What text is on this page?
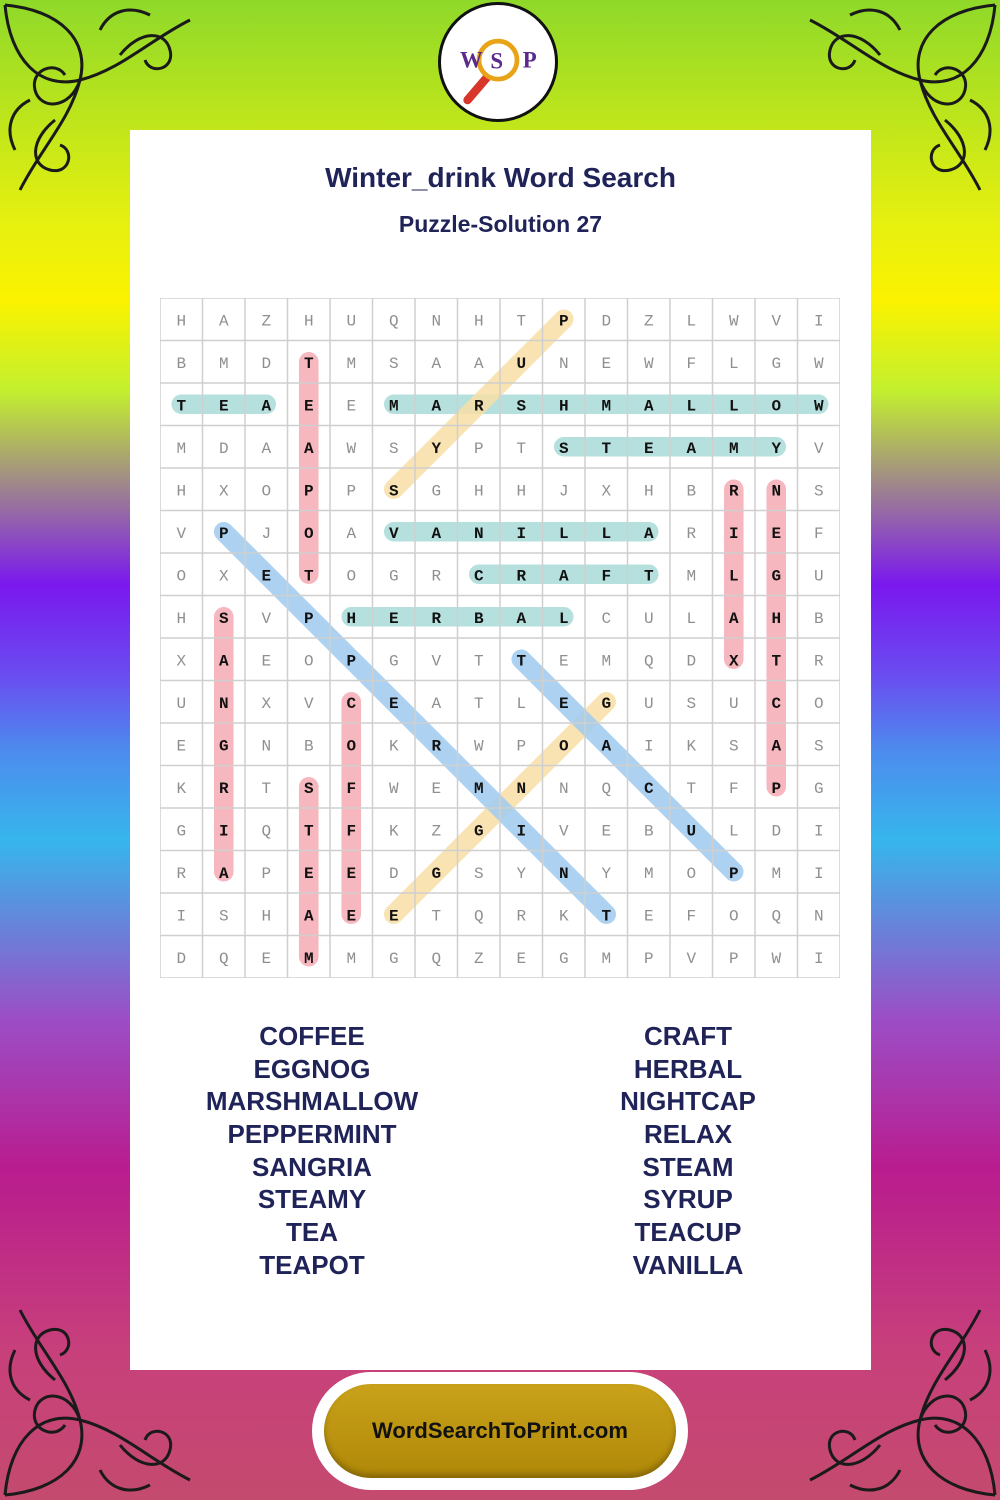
W S P
Winter_drink Word Search
Puzzle-Solution 27
H A Z H U Q N H T P D Z L W V I
B M D T M S A A U N E W F L G W
T E A E E M A R S H M A L L O W
M D A A W S Y P T S T E A M Y V
H X O P P S G H H J X H B R N S
V P J O A V A N I L L A R I E F
O X E T O G R C R A F T M L G U
H S V P H E R B A L C U L A H B
X A E O P G V T T E M Q D X T R
U N X V C E A T L E G U S U C O
E G N B O K R W P O A I K S A S
K R T S F W E M N N Q C T F P G
G I Q T F K Z G I V E B U L D I
R A P E E D G S Y N Y M O P M I
I S H A E E T Q R K T E F O Q N
D Q E M M G Q Z E G M P V P W I
COFFEE
EGGNOG
MARSHMALLOW
PEPPERMINT
SANGRIA
STEAMY
TEA
TEAPOT
CRAFT
HERBAL
NIGHTCAP
RELAX
STEAM
SYRUP
TEACUP
VANILLA
WordSearchToPrint.com
